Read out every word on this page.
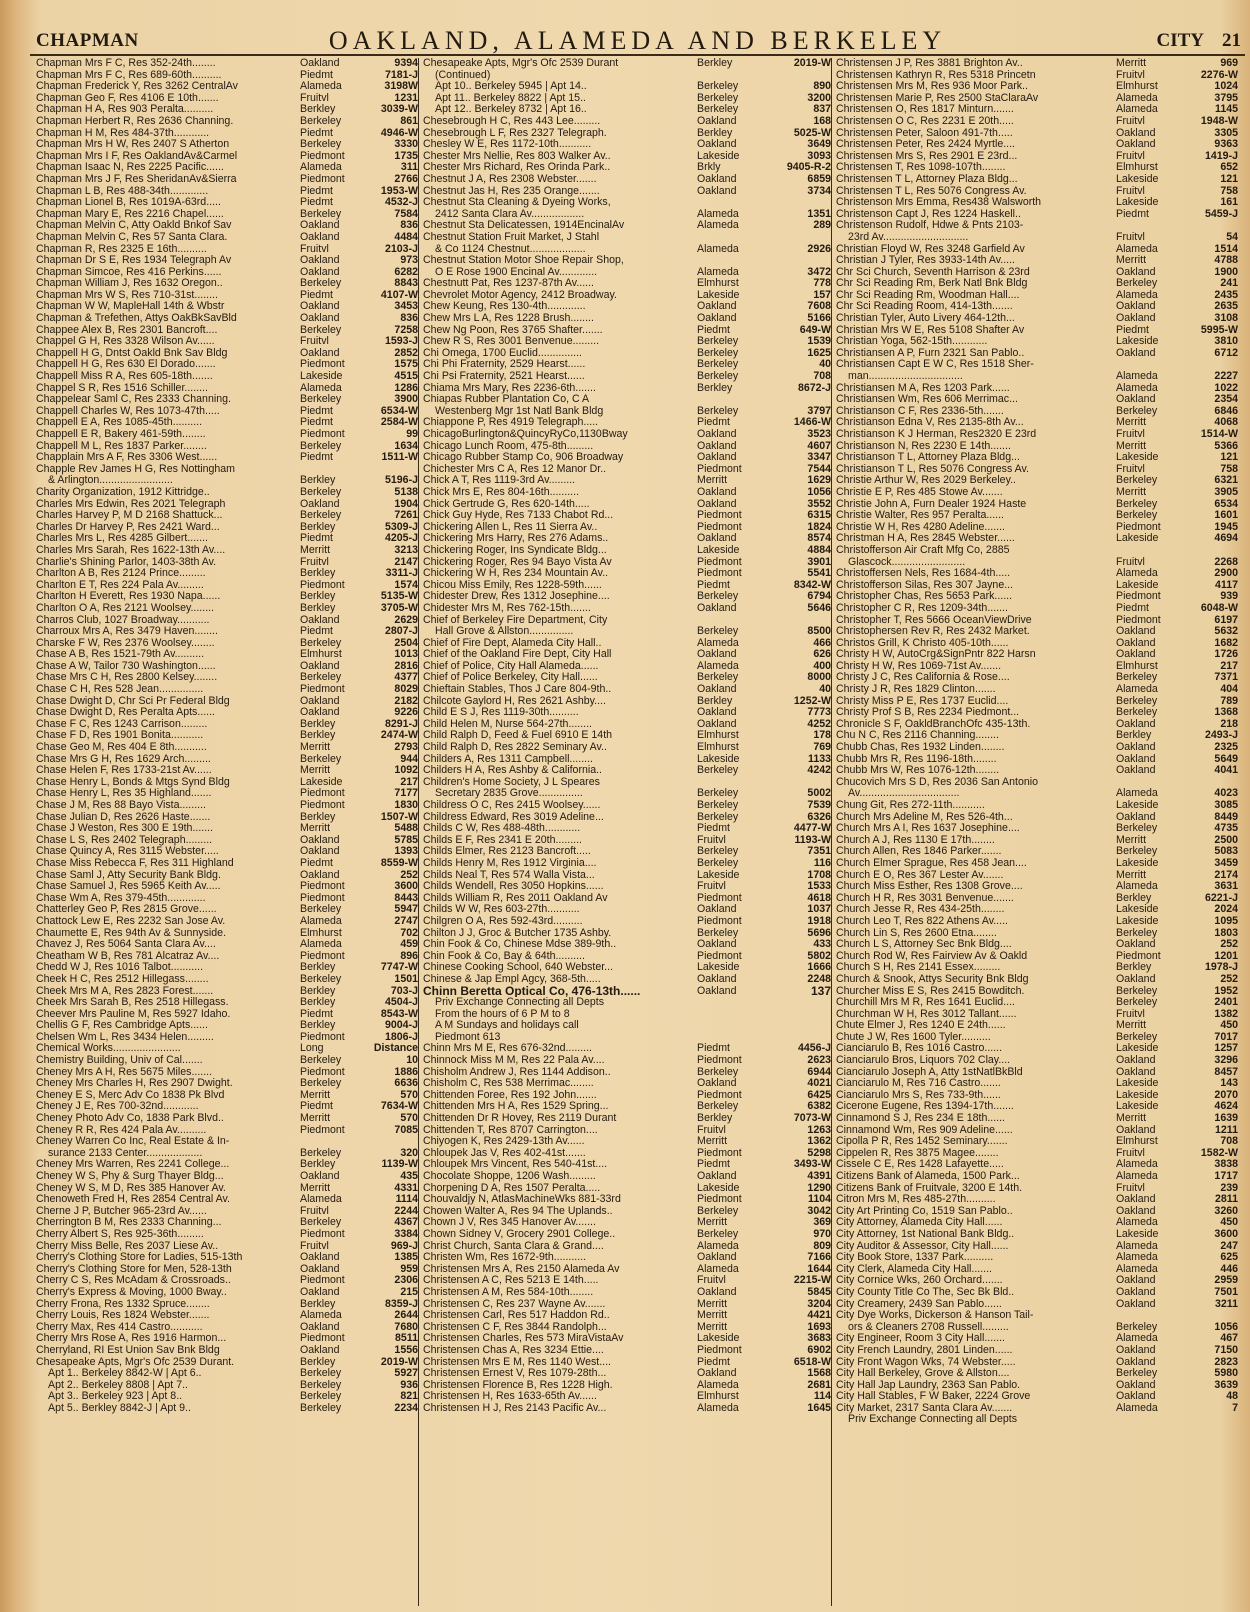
CHAPMAN	OAKLAND, ALAMEDA AND BERKELEY	CITY 21
Chapman Mrs F C, Res 352-24th........	Oakland	9394
Chapman Mrs F C, Res 689-60th..........	Piedmt	7181-J
Chapman Frederick Y, Res 3262 CentralAv	Alameda	3198W
Chapman Geo F, Res 4106 E 10th.......	Fruitvl	1231
Chapman H A, Res 903 Peralta..........	Berkley	3039-W
Chapman Herbert R, Res 2636 Channing.	Berkeley	861
Chapman H M, Res 484-37th............	Piedmt	4946-W
Chapman Mrs H W, Res 2407 S Atherton	Berkeley	3330
Chapman Mrs I F, Res OaklandAv&Carmel	Piedmont	1735
Chapman Isaac N, Res 2225 Pacific......	Alameda	311
Chapman Mrs J F, Res SheridanAv&Sierra	Piedmont	2766
Chapman L B, Res 488-34th.............	Piedmt	1953-W
Chapman Lionel B, Res 1019A-63rd.....	Piedmt	4532-J
Chapman Mary E, Res 2216 Chapel......	Berkeley	7584
Chapman Melvin C, Atty Oakld Bnkof Sav	Oakland	836
Chapman Melvin C, Res 57 Santa Clara.	Oakland	4484
Chapman R, Res 2325 E 16th..........	Fruitvl	2103-J
Chapman Dr S E, Res 1934 Telegraph Av	Oakland	973
Chapman Simcoe, Res 416 Perkins......	Oakland	6282
Chapman William J, Res 1632 Oregon..	Berkeley	8843
Chapman Mrs W S, Res 710-31st........	Piedmt	4107-W
Chapman W W, MapleHall 14th & Wbstr	Oakland	3453
Chapman & Trefethen, Attys OakBkSavBld	Oakland	836
Chappee Alex B, Res 2301 Bancroft....	Berkeley	7258
Chappel G H, Res 3328 Wilson Av......	Fruitvl	1593-J
Chappell H G, Dntst Oakld Bnk Sav Bldg	Oakland	2852
Chappell H G, Res 630 El Dorado.......	Piedmont	1575
Chappell Miss R A, Res 605-18th.......	Lakeside	4515
Chappel S R, Res 1516 Schiller........	Alameda	1286
Chappelear Saml C, Res 2333 Channing.	Berkeley	3900
Chappell Charles W, Res 1073-47th.....	Piedmt	6534-W
Chappell E A, Res 1085-45th..........	Piedmt	2584-W
Chappell E R, Bakery 461-59th........	Piedmont	99
Chappell M L, Res 1837 Parker........	Berkeley	1634
Chapplain Mrs A F, Res 3306 West......	Piedmt	1511-W
Chapple Rev James H G, Res Nottingham
& Arlington.........................	Berkley	5196-J
Charity Organization, 1912 Kittridge..	Berkeley	5138
Charles Mrs Edwin, Res 2021 Telegraph	Oakland	1904
Charles Harvey P, M D 2168 Shattuck...	Berkeley	7261
Charles Dr Harvey P, Res 2421 Ward...	Berkley	5309-J
Charles Mrs L, Res 4285 Gilbert.......	Piedmt	4205-J
Charles Mrs Sarah, Res 1622-13th Av....	Merritt	3213
Charlie's Shining Parlor, 1403-38th Av.	Fruitvl	2147
Charlton A B, Res 2124 Prince.........	Berkley	3311-J
Charlton E T, Res 224 Pala Av.........	Piedmont	1574
Charlton H Everett, Res 1930 Napa......	Berkley	5135-W
Charlton O A, Res 2121 Woolsey........	Berkley	3705-W
Charros Club, 1027 Broadway...........	Oakland	2629
Charroux Mrs A, Res 3479 Haven........	Piedmt	2807-J
Charske F W, Res 2376 Woolsey........	Berkeley	2504
Chase A B, Res 1521-79th Av..........	Elmhurst	1013
Chase A W, Tailor 730 Washington......	Oakland	2816
Chase Mrs C H, Res 2800 Kelsey........	Berkeley	4377
Chase C H, Res 528 Jean...............	Piedmont	8029
Chase Dwight D, Chr Sci Pr Federal Bldg	Oakland	2182
Chase Dwight D, Res Peralta Apts......	Oakland	9226
Chase F C, Res 1243 Carrison.........	Berkley	8291-J
Chase F D, Res 1901 Bonita...........	Berkley	2474-W
Chase Geo M, Res 404 E 8th...........	Merritt	2793
Chase Mrs G H, Res 1629 Arch.........	Berkeley	944
Chase Helen F, Res 1733-21st Av......	Merritt	1092
Chase Henry L, Bonds & Mtgs Synd Bldg	Lakeside	217
Chase Henry L, Res 35 Highland.......	Piedmont	7177
Chase J M, Res 88 Bayo Vista.........	Piedmont	1830
Chase Julian D, Res 2626 Haste.......	Berkley	1507-W
Chase J Weston, Res 300 E 19th.......	Merritt	5488
Chase L S, Res 2402 Telegraph.........	Oakland	5785
Chase Quincy A, Res 3115 Webster.....	Oakland	1393
Chase Miss Rebecca F, Res 311 Highland	Piedmt	8559-W
Chase Saml J, Atty Security Bank Bldg.	Oakland	252
Chase Samuel J, Res 5965 Keith Av.....	Piedmont	3600
Chase Wm A, Res 379-45th.............	Piedmont	8443
Chatterley Geo P, Res 2815 Grove......	Berkeley	5947
Chattock Lew E, Res 2232 San Jose Av.	Alameda	2747
Chaumette E, Res 94th Av & Sunnyside.	Elmhurst	702
Chavez J, Res 5064 Santa Clara Av....	Alameda	459
Cheatham W B, Res 781 Alcatraz Av....	Piedmont	896
Chedd W J, Res 1016 Talbot...........	Berkley	7747-W
Cheek H C, Res 2512 Hillegass........	Berkeley	1501
Cheek Mrs M A, Res 2823 Forest.......	Berkley	703-J
Cheek Mrs Sarah B, Res 2518 Hillegass.	Berkley	4504-J
Cheever Mrs Pauline M, Res 5927 Idaho.	Piedmt	8543-W
Chellis G F, Res Cambridge Apts......	Berkley	9004-J
Chelsen Wm L, Res 3434 Helen.........	Piedmont	1806-J
Chemical Works.......................	Long	Distance
Chemistry Building, Univ of Cal.......	Berkeley	10
Cheney Mrs A H, Res 5675 Miles.......	Piedmont	1886
Cheney Mrs Charles H, Res 2907 Dwight.	Berkeley	6636
Cheney E S, Merc Adv Co 1838 Pk Blvd	Merritt	570
Cheney J E, Res 700-32nd............	Piedmt	7634-W
Cheney Photo Adv Co, 1838 Park Blvd..	Merritt	570
Cheney R R, Res 424 Pala Av..........	Piedmont	7085
Cheney Warren Co Inc, Real Estate & In-
surance 2133 Center...................	Berkeley	320
Cheney Mrs Warren, Res 2241 College...	Berkley	1139-W
Cheney W S, Phy & Surg Thayer Bldg...	Oakland	435
Cheney W S, M D, Res 385 Hanover Av.	Merritt	4331
Chenoweth Fred H, Res 2854 Central Av.	Alameda	1114
Cherne J P, Butcher 965-23rd Av......	Fruitvl	2244
Cherrington B M, Res 2333 Channing...	Berkeley	4367
Cherry Albert S, Res 925-36th.........	Piedmont	3384
Cherry Miss Belle, Res 2037 Liese Av..	Fruitvl	969-J
Cherry's Clothing Store for Ladies, 515-13th	Oakland	1385
Cherry's Clothing Store for Men, 528-13th	Oakland	959
Cherry C S, Res McAdam & Crossroads..	Piedmont	2306
Cherry's Express & Moving, 1000 Bway..	Oakland	215
Cherry Frona, Res 1332 Spruce........	Berkley	8359-J
Cherry Louis, Res 1824 Webster.......	Alameda	2644
Cherry Max, Res 414 Castro...........	Oakland	7680
Cherry Mrs Rose A, Res 1916 Harmon...	Piedmont	8511
Cherryland, RI Est Union Sav Bnk Bldg	Oakland	1556
Chesapeake Apts, Mgr's Ofc 2539 Durant.	Berkley	2019-W
Apt 1.. Berkeley 8842-W | Apt 6..	Berkeley	5927
Apt 2.. Berkeley 8808 | Apt 7..	Berkeley	936
Apt 3.. Berkeley 923 | Apt 8..	Berkeley	821
Apt 5.. Berkley 8842-J | Apt 9..	Berkeley	2234
Chesapeake Apts, Mgr's Ofc 2539 Durant	Berkley	2019-W
(Continued)
Apt 10.. Berkeley 5945 | Apt 14..	Berkeley	890
Apt 11.. Berkeley 8822 | Apt 15..	Berkeley	3200
Apt 12.. Berkeley 8732 | Apt 16..	Berkeley	837
Chesebrough H C, Res 443 Lee.........	Oakland	168
Chesebrough L F, Res 2327 Telegraph.	Berkley	5025-W
Chesley W E, Res 1172-10th...........	Oakland	3649
Chester Mrs Nellie, Res 803 Walker Av..	Lakeside	3093
Chester Mrs Richard, Res Orinda Park..	Brkly	9405-R-2
Chestnut J A, Res 2308 Webster.......	Oakland	6859
Chestnut Jas H, Res 235 Orange.......	Oakland	3734
Chestnut Sta Cleaning & Dyeing Works,
2412 Santa Clara Av..................	Alameda	1351
Chestnut Sta Delicatessen, 1914EncinalAv	Alameda	289
Chestnut Station Fruit Market, J Stahl
& Co 1124 Chestnut...................	Alameda	2926
Chestnut Station Motor Shoe Repair Shop,
O E Rose 1900 Encinal Av.............	Alameda	3472
Chestnutt Pat, Res 1237-87th Av......	Elmhurst	778
Chevrolet Motor Agency, 2412 Broadway.	Lakeside	157
Chew Keung, Res 130-4th.............	Oakland	7608
Chew Mrs L A, Res 1228 Brush........	Oakland	5166
Chew Ng Poon, Res 3765 Shafter.......	Piedmt	649-W
Chew R S, Res 3001 Benvenue.........	Berkeley	1539
Chi Omega, 1700 Euclid...............	Berkeley	1625
Chi Phi Fraternity, 2529 Hearst......	Berkeley	40
Chi Psi Fraternity, 2521 Hearst......	Berkeley	708
Chiama Mrs Mary, Res 2236-6th.......	Berkley	8672-J
Chiapas Rubber Plantation Co, C A
Westenberg Mgr 1st Natl Bank Bldg	Berkeley	3797
Chiappone P, Res 4919 Telegraph.....	Piedmt	1466-W
ChicagoBurlington&QuincyRyCo,1130Bway	Oakland	3523
Chicago Lunch Room, 475-8th.........	Oakland	4607
Chicago Rubber Stamp Co, 906 Broadway	Oakland	3347
Chichester Mrs C A, Res 12 Manor Dr..	Piedmont	7544
Chick A T, Res 1119-3rd Av.........	Merritt	1629
Chick Mrs E, Res 804-16th..........	Oakland	1056
Chick Gertrude G, Res 620-14th.....	Oakland	3552
Chick Guy Hyde, Res 7133 Chabot Rd...	Piedmont	6315
Chickering Allen L, Res 11 Sierra Av..	Piedmont	1824
Chickering Mrs Harry, Res 276 Adams..	Oakland	8574
Chickering Roger, Ins Syndicate Bldg...	Lakeside	4884
Chickering Roger, Res 94 Bayo Vista Av	Piedmont	3901
Chickering W H, Res 234 Mountain Av..	Piedmont	5541
Chicou Miss Emily, Res 1228-59th......	Piedmt	8342-W
Chidester Drew, Res 1312 Josephine....	Berkeley	6794
Chidester Mrs M, Res 762-15th.......	Oakland	5646
Chief of Berkeley Fire Department, City
Hall Grove & Allston...............	Berkeley	8500
Chief of Fire Dept, Alameda City Hall..	Alameda	466
Chief of the Oakland Fire Dept, City Hall	Oakland	626
Chief of Police, City Hall Alameda......	Alameda	400
Chief of Police Berkeley, City Hall......	Berkeley	8000
Chieftain Stables, Thos J Care 804-9th..	Oakland	40
Chilcote Gaylord H, Res 2621 Ashby....	Berkley	1252-W
Child E S J, Res 1119-30th..........	Oakland	7773
Child Helen M, Nurse 564-27th........	Oakland	4252
Child Ralph D, Feed & Fuel 6910 E 14th	Elmhurst	178
Child Ralph D, Res 2822 Seminary Av..	Elmhurst	769
Childers A, Res 1311 Campbell........	Lakeside	1133
Childers H A, Res Ashby & California..	Berkeley	4242
Children's Home Society, J L Speares
Secretary 2835 Grove...............	Berkeley	5002
Childress O C, Res 2415 Woolsey......	Berkeley	7539
Childress Edward, Res 3019 Adeline...	Berkeley	6326
Childs C W, Res 488-48th............	Piedmt	4477-W
Childs E F, Res 2341 E 20th.........	Fruitvl	1193-W
Childs Elmer, Res 2123 Bancroft.....	Berkeley	7351
Childs Henry M, Res 1912 Virginia....	Berkeley	116
Childs Neal T, Res 574 Walla Vista...	Lakeside	1708
Childs Wendell, Res 3050 Hopkins......	Fruitvl	1533
Childs William R, Res 2011 Oakland Av	Piedmont	4618
Childs W W, Res 603-27th...........	Oakland	1037
Chilgren O A, Res 592-43rd..........	Piedmont	1918
Chilton J J, Groc & Butcher 1735 Ashby.	Berkeley	5696
Chin Fook & Co, Chinese Mdse 389-9th..	Oakland	433
Chin Fook & Co, Bay & 64th..........	Piedmont	5802
Chinese Cooking School, 640 Webster...	Lakeside	1666
Chinese & Jap Empl Agcy, 368-5th.....	Oakland	2248
Chinn Beretta Optical Co, 476-13th......	Oakland	137
Priv Exchange Connecting all Depts
From the hours of 6 P M to 8
A M Sundays and holidays call
Piedmont 613
Chinn Mrs M E, Res 676-32nd.........	Piedmt	4456-J
Chinnock Miss M M, Res 22 Pala Av....	Piedmont	2623
Chisholm Andrew J, Res 1144 Addison..	Berkeley	6944
Chisholm C, Res 538 Merrimac........	Oakland	4021
Chittenden Foree, Res 192 John.......	Piedmont	6425
Chittenden Mrs H A, Res 1529 Spring...	Berkeley	6382
Chittenden Dr R Hovey, Res 2119 Durant	Berkley	7073-W
Chittenden T, Res 8707 Carrington....	Fruitvl	1263
Chiyogen K, Res 2429-13th Av......	Merritt	1362
Chloupek Jas V, Res 402-41st.......	Piedmont	5298
Chloupek Mrs Vincent, Res 540-41st....	Piedmt	3493-W
Chocolate Shoppe, 1206 Wash.........	Oakland	4391
Chorpening D A, Res 1507 Peralta.....	Lakeside	1290
Chouvaldjy N, AtlasMachineWks 881-33rd	Piedmont	1104
Chowen Walter A, Res 94 The Uplands..	Berkeley	3042
Chown J V, Res 345 Hanover Av.......	Merritt	369
Chown Sidney V, Grocery 2901 College..	Berkeley	970
Christ Church, Santa Clara & Grand....	Alameda	809
Christen Wm, Res 1672-9th...........	Oakland	7166
Christensen Mrs A, Res 2150 Alameda Av	Alameda	1644
Christensen A C, Res 5213 E 14th.....	Fruitvl	2215-W
Christensen A M, Res 584-10th........	Oakland	5845
Christensen C, Res 237 Wayne Av.......	Merritt	3204
Christensen Carl, Res 517 Haddon Rd..	Merritt	4421
Christensen C F, Res 3844 Randolph...	Merritt	1693
Christensen Charles, Res 573 MiraVistaAv	Lakeside	3683
Christensen Chas A, Res 3234 Ettie....	Piedmont	6902
Christensen Mrs E M, Res 1140 West....	Piedmt	6518-W
Christensen Ernest V, Res 1079-28th...	Oakland	1568
Christensen Florence B, Res 1228 High.	Alameda	2681
Christensen H, Res 1633-65th Av......	Elmhurst	114
Christensen H J, Res 2143 Pacific Av...	Alameda	1645
Christensen J P, Res 3881 Brighton Av..	Merritt	969
Christensen Kathryn R, Res 5318 Princetn	Fruitvl	2276-W
Christensen Mrs M, Res 936 Moor Park..	Elmhurst	1024
Christensen Marie P, Res 2500 StaClaraAv	Alameda	3795
Christensen O, Res 1817 Minturn.......	Alameda	1145
Christensen O C, Res 2231 E 20th.....	Fruitvl	1948-W
Christensen Peter, Saloon 491-7th.....	Oakland	3305
Christensen Peter, Res 2424 Myrtle....	Oakland	9363
Christensen Mrs S, Res 2901 E 23rd...	Fruitvl	1419-J
Christensen T, Res 1098-107th........	Elmhurst	652
Christensen T L, Attorney Plaza Bldg...	Lakeside	121
Christensen T L, Res 5076 Congress Av.	Fruitvl	758
Christenson Mrs Emma, Res438 Walsworth	Lakeside	161
Christenson Capt J, Res 1224 Haskell..	Piedmt	5459-J
Christenson Rudolf, Hdwe & Pnts 2103-
23rd Av.............................	Fruitvl	54
Christian Floyd W, Res 3248 Garfield Av	Alameda	1514
Christian J Tyler, Res 3933-14th Av.....	Merritt	4788
Chr Sci Church, Seventh Harrison & 23rd	Oakland	1900
Chr Sci Reading Rm, Berk Natl Bnk Bldg	Berkeley	241
Chr Sci Reading Rm, Woodman Hall....	Alameda	2435
Chr Sci Reading Room, 414-13th.......	Oakland	2635
Christian Tyler, Auto Livery 464-12th...	Oakland	3108
Christian Mrs W E, Res 5108 Shafter Av	Piedmt	5995-W
Christian Yoga, 562-15th............	Lakeside	3810
Christiansen A P, Furn 2321 San Pablo..	Oakland	6712
Christiansen Capt E W C, Res 1518 Sher-
man................................	Alameda	2227
Christiansen M A, Res 1203 Park......	Alameda	1022
Christiansen Wm, Res 606 Merrimac...	Oakland	2354
Christianson C F, Res 2336-5th.......	Berkeley	6846
Christianson Edna V, Res 2135-8th Av...	Merritt	4068
Christianson K J Herman, Res2320 E 23rd	Fruitvl	1514-W
Christianson N, Res 2230 E 14th.......	Merritt	5366
Christianson T L, Attorney Plaza Bldg...	Lakeside	121
Christianson T L, Res 5076 Congress Av.	Fruitvl	758
Christie Arthur W, Res 2029 Berkeley..	Berkeley	6321
Christie E P, Res 485 Stowe Av.......	Merritt	3905
Christie John A, Furn Dealer 1924 Haste	Berkeley	6534
Christie Walter, Res 957 Peralta......	Berkeley	1601
Christie W H, Res 4280 Adeline.......	Piedmont	1945
Christman H A, Res 2845 Webster......	Lakeside	4694
Christofferson Air Craft Mfg Co, 2885
Glascock.........................	Fruitvl	2268
Christoffersen Nels, Res 1684-4th.....	Alameda	2900
Christofferson Silas, Res 307 Jayne...	Lakeside	4117
Christopher Chas, Res 5653 Park......	Piedmont	939
Christopher C R, Res 1209-34th.......	Piedmt	6048-W
Christopher T, Res 5666 OceanViewDrive	Piedmont	6197
Christophersen Rev R, Res 2432 Market.	Oakland	5632
Christos Grill, K Christo 405-10th......	Oakland	1682
Christy H W, AutoCrg&SignPntr 822 Harsn	Oakland	1726
Christy H W, Res 1069-71st Av.......	Elmhurst	217
Christy J C, Res California & Rose....	Berkeley	7371
Christy J R, Res 1829 Clinton.......	Alameda	404
Christy Miss P E, Res 1737 Euclid....	Berkeley	789
Christy Prof S B, Res 2234 Piedmont...	Berkeley	1368
Chronicle S F, OakldBranchOfc 435-13th.	Oakland	218
Chu N C, Res 2116 Channing........	Berkley	2493-J
Chubb Chas, Res 1932 Linden........	Oakland	2325
Chubb Mrs R, Res 1196-18th........	Oakland	5649
Chubb Mrs W, Res 1076-12th........	Oakland	4041
Chucovich Mrs S D, Res 2036 San Antonio
Av..................................	Alameda	4023
Chung Git, Res 272-11th...........	Lakeside	3085
Church Mrs Adeline M, Res 526-4th...	Oakland	8449
Church Mrs A I, Res 1637 Josephine....	Berkeley	4735
Church A J, Res 1130 E 17th........	Merritt	2500
Church Allen, Res 1846 Parker.......	Berkeley	5083
Church Elmer Sprague, Res 458 Jean....	Lakeside	3459
Church E O, Res 367 Lester Av.......	Merritt	2174
Church Miss Esther, Res 1308 Grove....	Alameda	3631
Church H R, Res 3031 Benvenue.......	Berkley	6221-J
Church Jesse R, Res 434-25th........	Lakeside	2024
Church Leo T, Res 822 Athens Av.....	Lakeside	1095
Church Lin S, Res 2600 Etna........	Berkeley	1803
Church L S, Attorney Sec Bnk Bldg....	Oakland	252
Church Rod W, Res Fairview Av & Oakld	Piedmont	1201
Church S H, Res 2141 Essex.........	Berkley	1978-J
Church & Snook, Attys Security Bnk Bldg	Oakland	252
Churcher Miss E S, Res 2415 Bowditch.	Berkeley	1952
Churchill Mrs M R, Res 1641 Euclid....	Berkeley	2401
Churchman W H, Res 3012 Tallant......	Fruitvl	1382
Chute Elmer J, Res 1240 E 24th......	Merritt	450
Chute J W, Res 1600 Tyler..........	Berkeley	7017
Cianciarulo B, Res 1016 Castro......	Lakeside	1257
Cianciarulo Bros, Liquors 702 Clay....	Oakland	3296
Cianciarulo Joseph A, Atty 1stNatlBkBld	Oakland	8457
Cianciarulo M, Res 716 Castro.......	Lakeside	143
Cianciarulo Mrs S, Res 733-9th......	Lakeside	2070
Cicerone Eugene, Res 1394-17th.......	Lakeside	4624
Cinnamond S J, Res 234 E 18th......	Merritt	1639
Cinnamond Wm, Res 909 Adeline......	Oakland	1211
Cipolla P R, Res 1452 Seminary.......	Elmhurst	708
Cippelen R, Res 3875 Magee........	Fruitvl	1582-W
Cissele C E, Res 1428 Lafayette.....	Alameda	3838
Citizens Bank of Alameda, 1500 Park...	Alameda	1717
Citizens Bank of Fruitvale, 3200 E 14th.	Fruitvl	239
Citron Mrs M, Res 485-27th..........	Oakland	2811
City Art Printing Co, 1519 San Pablo..	Oakland	3260
City Attorney, Alameda City Hall......	Alameda	450
City Attorney, 1st National Bank Bldg..	Lakeside	3600
City Auditor & Assessor, City Hall......	Alameda	247
City Book Store, 1337 Park..........	Alameda	625
City Clerk, Alameda City Hall.......	Alameda	446
City Cornice Wks, 260 Orchard.......	Oakland	2959
City County Title Co The, Sec Bk Bld..	Oakland	7501
City Creamery, 2439 San Pablo......	Oakland	3211
City Dye Works, Dickerson & Hanson Tail-
ors & Cleaners 2708 Russell.........	Berkeley	1056
City Engineer, Room 3 City Hall.......	Alameda	467
City French Laundry, 2801 Linden......	Oakland	7150
City Front Wagon Wks, 74 Webster.....	Oakland	2823
City Hall Berkeley, Grove & Allston....	Berkeley	5980
City Hall Jap Laundry, 2363 San Pablo.	Oakland	3639
City Hall Stables, F W Baker, 2224 Grove	Oakland	48
City Market, 2317 Santa Clara Av.......	Alameda	7
Priv Exchange Connecting all Depts
